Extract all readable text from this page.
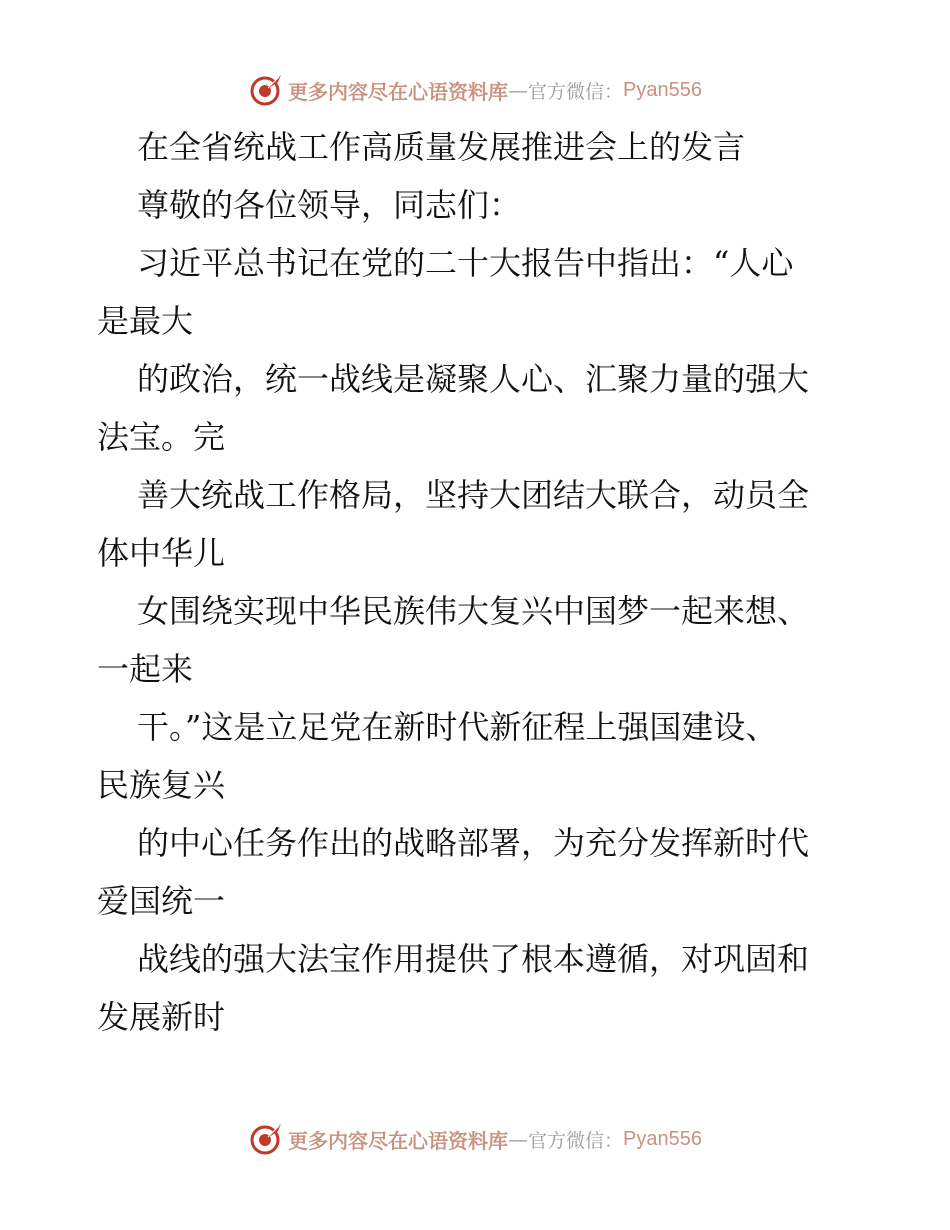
更多内容尽在心语资料库 — 官方微信： Pyan556
在全省统战工作高质量发展推进会上的发言
尊敬的各位领导，同志们：
习近平总书记在党的二十大报告中指出：“人心
是最大
的政治，统一战线是凝聚人心、汇聚力量的强大
法宝。完
善大统战工作格局，坚持大团结大联合，动员全
体中华儿
女围绕实现中华民族伟大复兴中国梦一起来想、
一起来
干。”这是立足党在新时代新征程上强国建设、
民族复兴
的中心任务作出的战略部署，为充分发挥新时代
爱国统一
战线的强大法宝作用提供了根本遵循，对巩固和
发展新时
更多内容尽在心语资料库 — 官方微信： Pyan556
